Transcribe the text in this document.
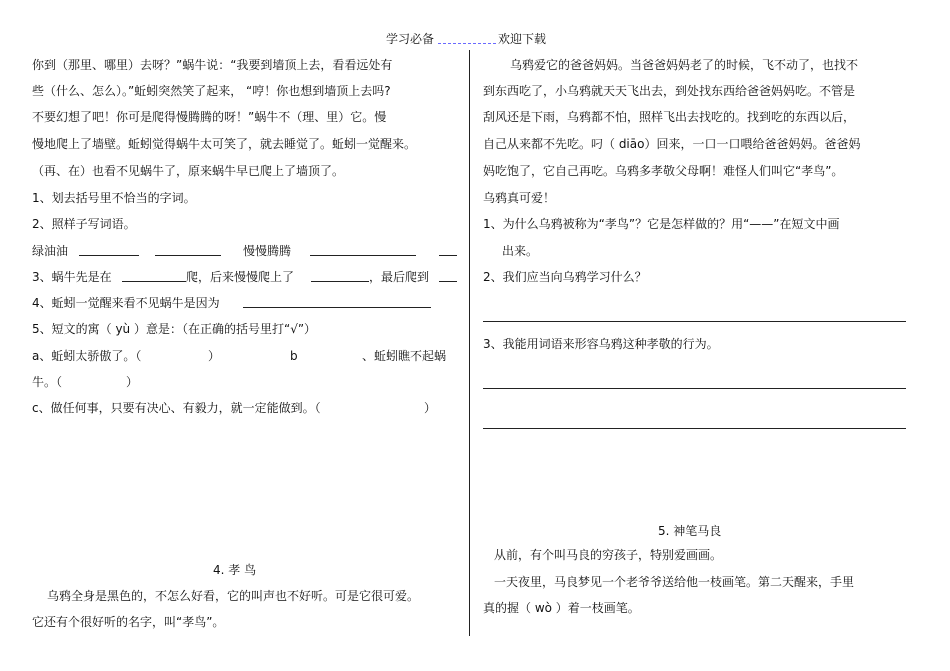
学习必备	欢迎下载
你到（那里、哪里）去呀？”蜗牛说：“我要到墙顶上去，看看远处有
些（什么、怎么）。”蚯蚓突然笑了起来， “哼！你也想到墙顶上去吗?
不要幻想了吧！你可是爬得慢腾腾的呀！”蜗牛不（理、里）它。慢
慢地爬上了墙壁。蚯蚓觉得蜗牛太可笑了，就去睡觉了。蚯蚓一觉醒来。
（再、在）也看不见蜗牛了，原来蜗牛早已爬上了墙顶了。
1、划去括号里不恰当的字词。
2、照样子写词语。
绿油油	慢慢腾腾
3、蜗牛先是在	爬，后来慢慢爬上了	，最后爬到
4、蚯蚓一觉醒来看不见蜗牛是因为
5、短文的寓（ yù ）意是：（在正确的括号里打“√”）
a、蚯蚓太骄傲了。（	）	b	、蚯蚓瞧不起蜗
牛。（	）
c、做任何事，只要有决心、有毅力，就一定能做到。（	）
4. 孝 鸟
乌鸦全身是黑色的，不怎么好看，它的叫声也不好听。可是它很可爱。
它还有个很好听的名字，叫“孝鸟”。
乌鸦爱它的爸爸妈妈。当爸爸妈妈老了的时候，飞不动了，也找不
到东西吃了，小乌鸦就天天飞出去，到处找东西给爸爸妈妈吃。不管是
刮风还是下雨，乌鸦都不怕，照样飞出去找吃的。找到吃的东西以后，
自己从来都不先吃。叼（ diāo）回来，一口一口喂给爸爸妈妈。爸爸妈
妈吃饱了，它自己再吃。乌鸦多孝敬父母啊！难怪人们叫它“孝鸟”。
乌鸦真可爱！
1、为什么乌鸦被称为“孝鸟”？它是怎样做的？用“——”在短文中画
出来。
2、我们应当向乌鸦学习什么？
3、我能用词语来形容乌鸦这种孝敬的行为。
5. 神笔马良
从前，有个叫马良的穷孩子，特别爱画画。
一天夜里，马良梦见一个老爷爷送给他一枝画笔。第二天醒来，手里
真的握（ wò ）着一枝画笔。
